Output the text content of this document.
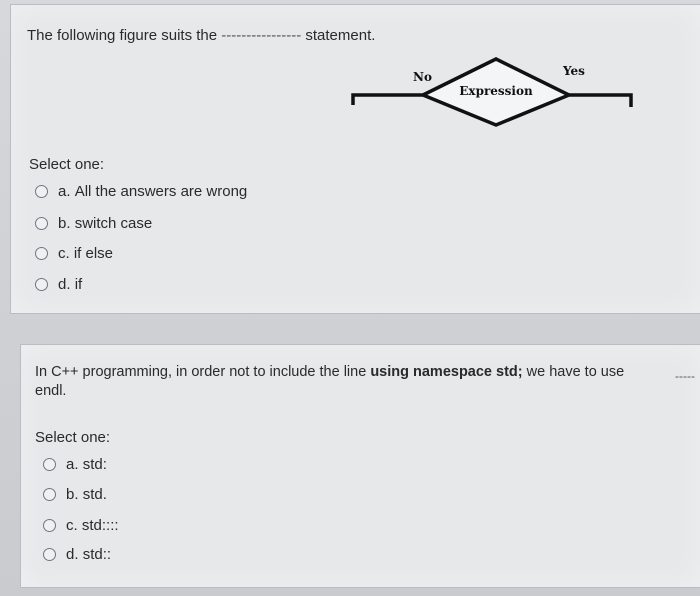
The following figure suits the ---------------- statement.
No	Yes
Expression
Select one:
a.
All the answers are wrong
b.
switch case
c.
if else
d.
if
In C++ programming, in order not to include the line using namespace std; we have to use
endl.
-----
Select one:
a.
std:
b.
std.
c.
std::::
d.
std::
